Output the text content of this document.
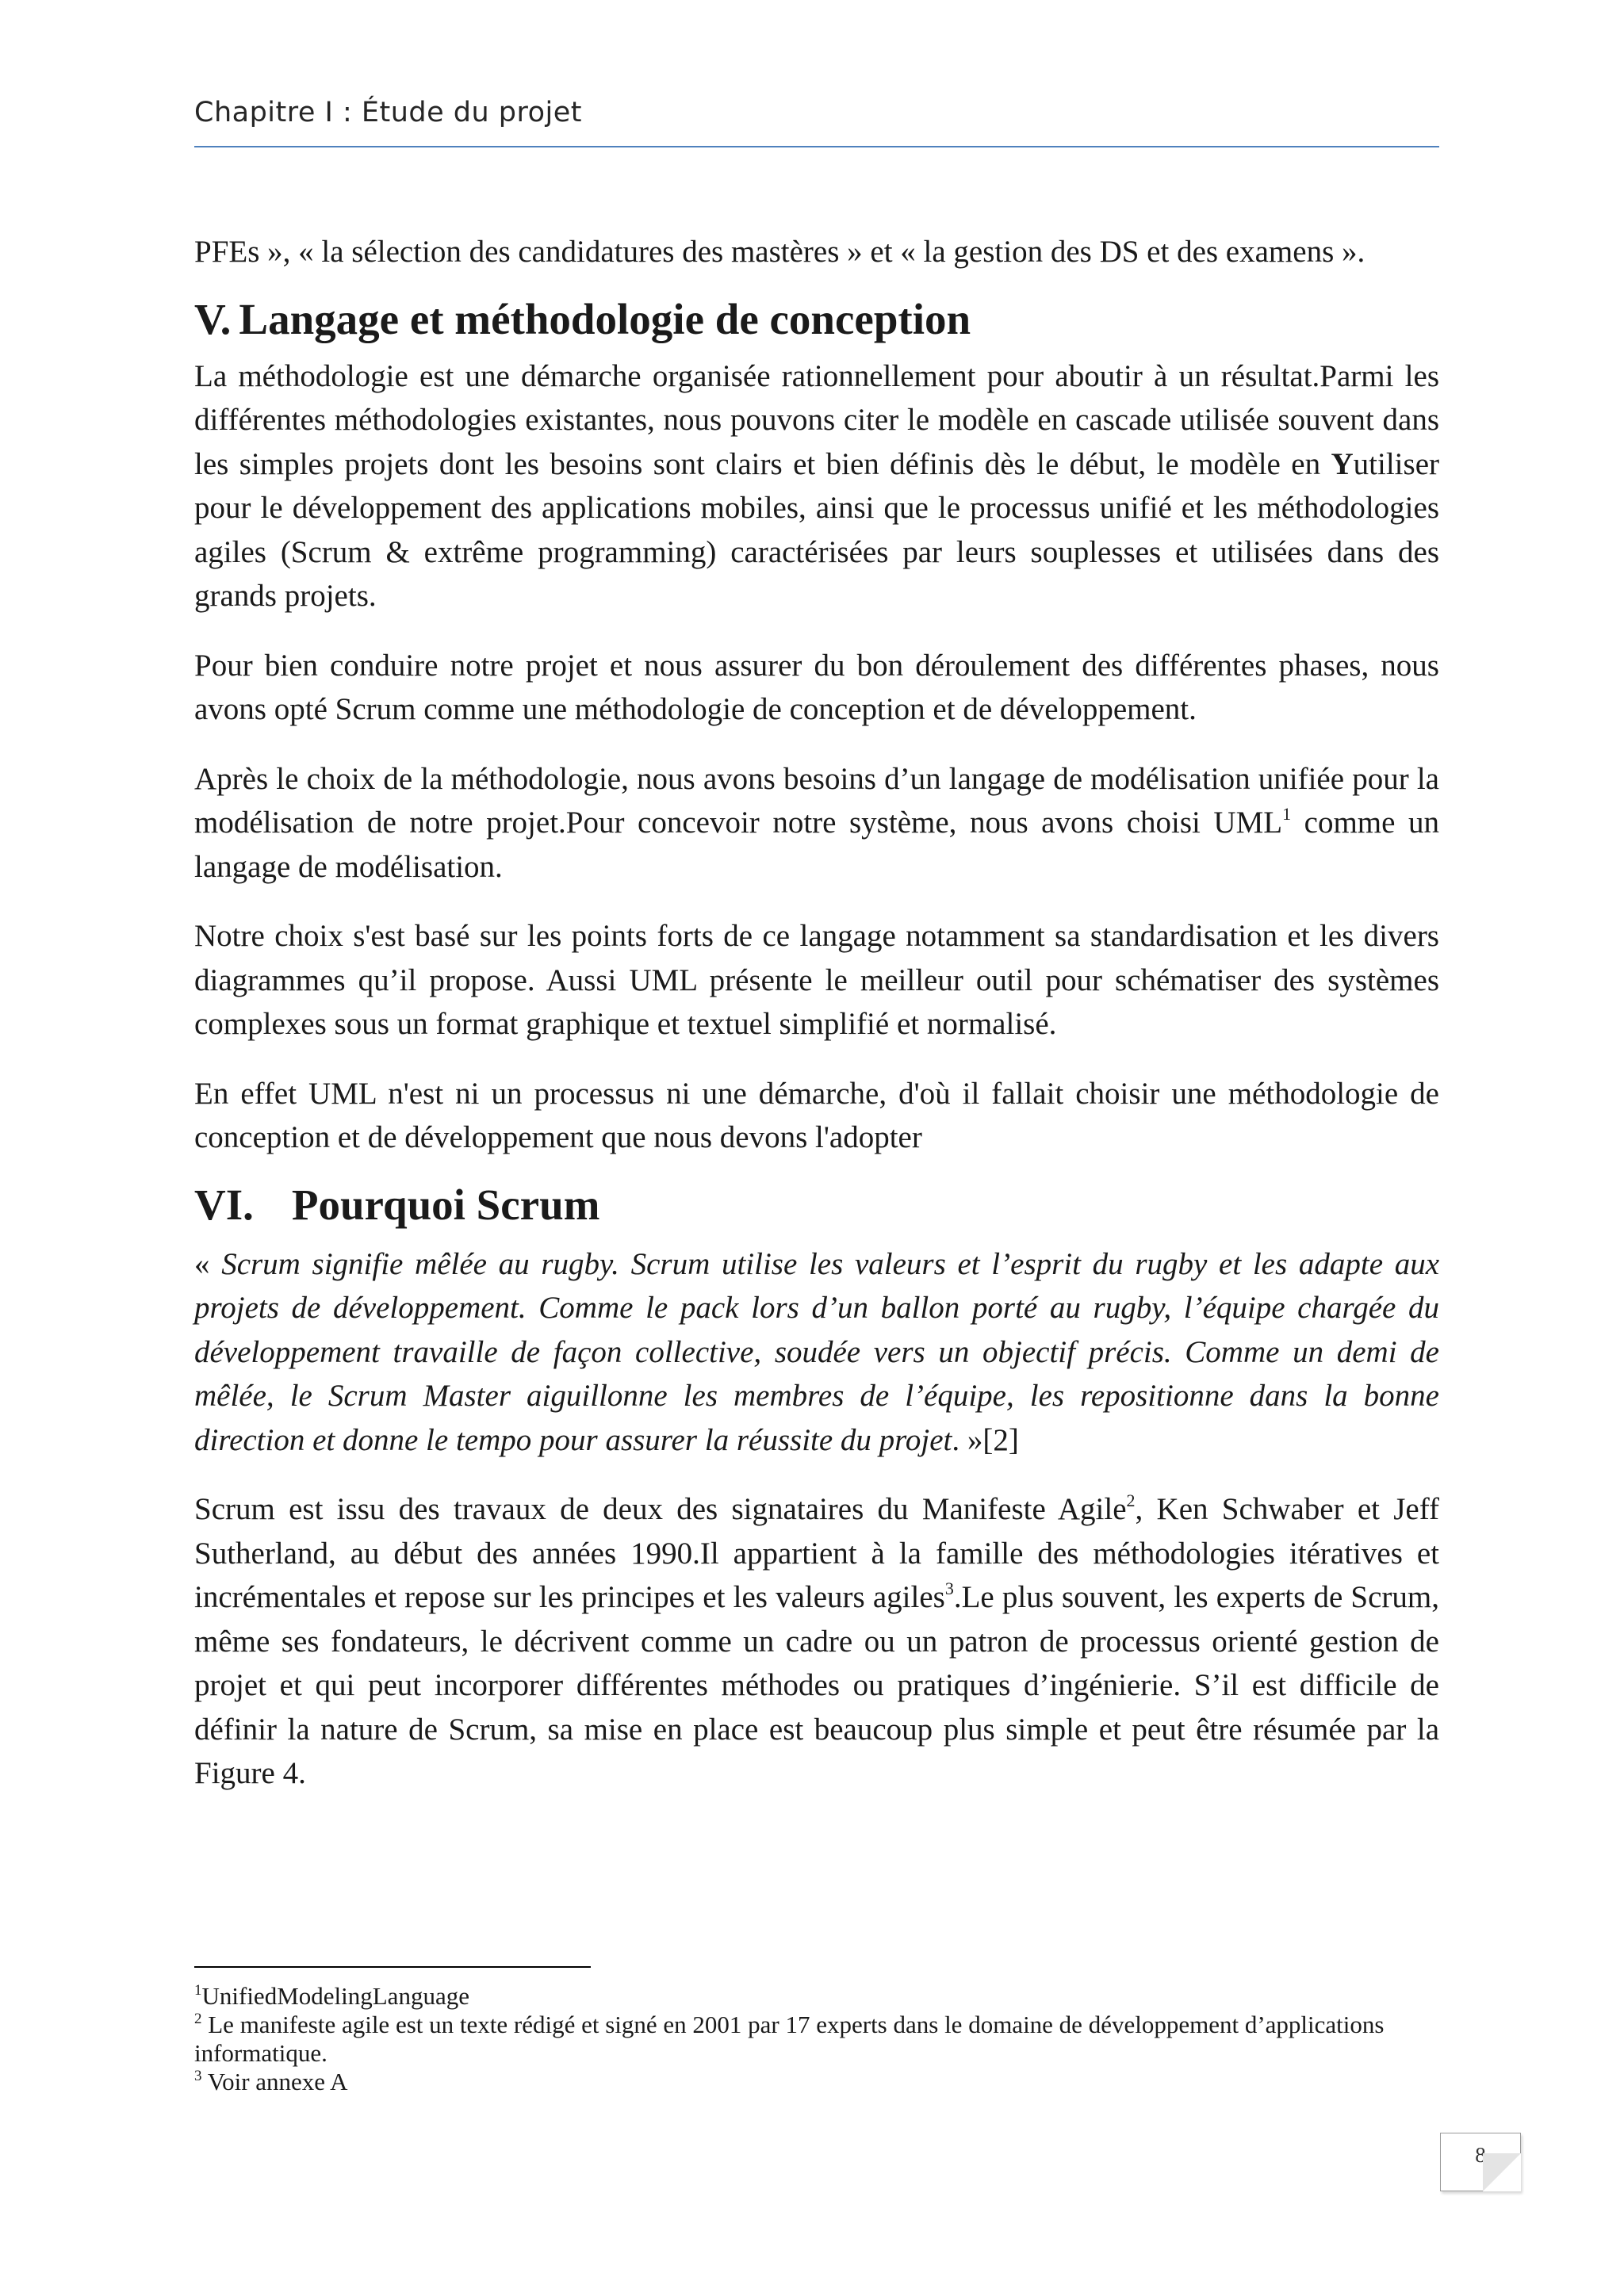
Chapitre I : Étude du projet

PFEs », « la sélection des candidatures des mastères » et « la gestion des DS et des examens ».

V. Langage et méthodologie de conception

La méthodologie est une démarche organisée rationnellement pour aboutir à un résultat.Parmi les différentes méthodologies existantes, nous pouvons citer le modèle en cascade utilisée souvent dans les simples projets dont les besoins sont clairs et bien définis dès le début, le modèle en Yutiliser pour le développement des applications mobiles, ainsi que le processus unifié et les méthodologies agiles (Scrum & extrême programming) caractérisées par leurs souplesses et utilisées dans des grands projets.

Pour bien conduire notre projet et nous assurer du bon déroulement des différentes phases, nous avons opté Scrum comme une méthodologie de conception et de développement.

Après le choix de la méthodologie, nous avons besoins d’un langage de modélisation unifiée pour la modélisation de notre projet.Pour concevoir notre système, nous avons choisi UML$^1$ comme un langage de modélisation.

Notre choix s'est basé sur les points forts de ce langage notamment sa standardisation et les divers diagrammes qu’il propose. Aussi UML présente le meilleur outil pour schématiser des systèmes complexes sous un format graphique et textuel simplifié et normalisé.

En effet UML n'est ni un processus ni une démarche, d'où il fallait choisir une méthodologie de conception et de développement que nous devons l'adopter

VI. Pourquoi Scrum

« Scrum signifie mêlée au rugby. Scrum utilise les valeurs et l’esprit du rugby et les adapte aux projets de développement. Comme le pack lors d’un ballon porté au rugby, l’équipe chargée du développement travaille de façon collective, soudée vers un objectif précis. Comme un demi de mêlée, le Scrum Master aiguillonne les membres de l’équipe, les repositionne dans la bonne direction et donne le tempo pour assurer la réussite du projet. »[2]

Scrum est issu des travaux de deux des signataires du Manifeste Agile$^2$, Ken Schwaber et Jeff Sutherland, au début des années 1990.Il appartient à la famille des méthodologies itératives et incrémentales et repose sur les principes et les valeurs agiles$^3$.Le plus souvent, les experts de Scrum, même ses fondateurs, le décrivent comme un cadre ou un patron de processus orienté gestion de projet et qui peut incorporer différentes méthodes ou pratiques d’ingénierie. S’il est difficile de définir la nature de Scrum, sa mise en place est beaucoup plus simple et peut être résumée par la Figure 4.

$^1$UnifiedModelingLanguage

$^2$ Le manifeste agile est un texte rédigé et signé en 2001 par 17 experts dans le domaine de développement d’applications informatique.

$^3$ Voir annexe A

8
